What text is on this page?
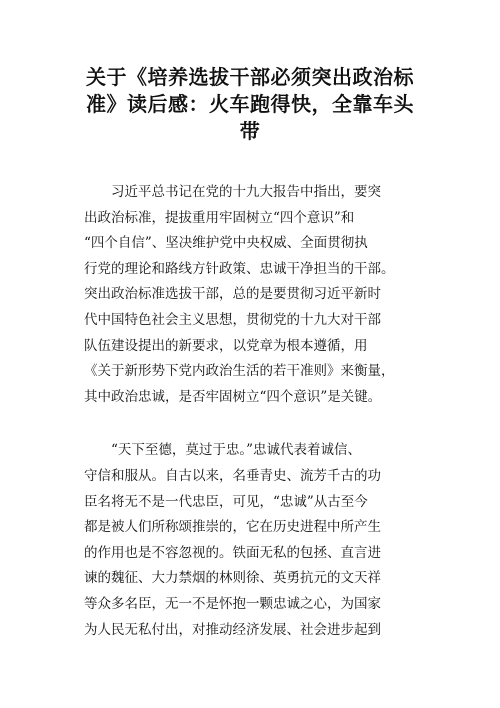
关于《培养选拔干部必须突出政治标
准》读后感：火车跑得快，全靠车头
带
习近平总书记在党的十九大报告中指出，要突
出政治标准，提拔重用牢固树立“四个意识”和
“四个自信”、坚决维护党中央权威、全面贯彻执
行党的理论和路线方针政策、忠诚干净担当的干部。
突出政治标准选拔干部，总的是要贯彻习近平新时
代中国特色社会主义思想，贯彻党的十九大对干部
队伍建设提出的新要求，以党章为根本遵循，用
《关于新形势下党内政治生活的若干准则》来衡量，
其中政治忠诚，是否牢固树立“四个意识”是关键。
“天下至德，莫过于忠。”忠诚代表着诚信、
守信和服从。自古以来，名垂青史、流芳千古的功
臣名将无不是一代忠臣，可见，“忠诚”从古至今
都是被人们所称颂推崇的，它在历史进程中所产生
的作用也是不容忽视的。铁面无私的包拯、直言进
谏的魏征、大力禁烟的林则徐、英勇抗元的文天祥
等众多名臣，无一不是怀抱一颗忠诚之心，为国家
为人民无私付出，对推动经济发展、社会进步起到
